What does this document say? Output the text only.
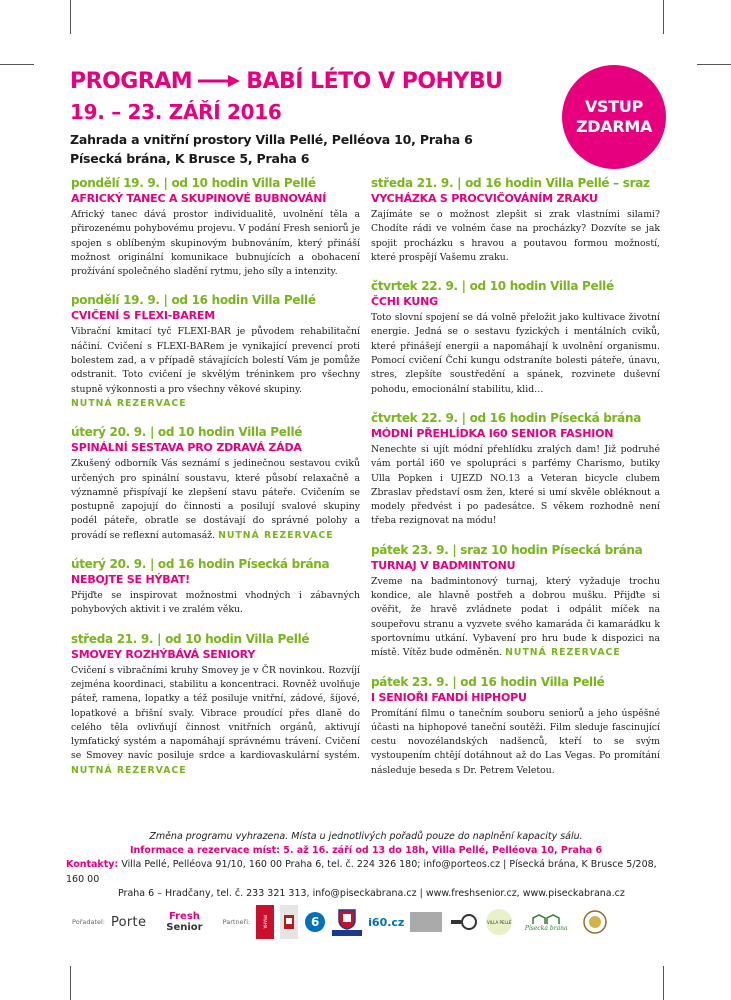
PROGRAM BABÍ LÉTO V POHYBU
19. – 23. ZÁŘÍ 2016
Zahrada a vnitřní prostory Villa Pellé, Pelléova 10, Praha 6
Písecká brána, K Brusce 5, Praha 6
VSTUP
ZDARMA
pondělí 19. 9. | od 10 hodin Villa Pellé
AFRICKÝ TANEC A SKUPINOVÉ BUBNOVÁNÍ
Africký tanec dává prostor individualitě, uvolnění těla a přirozenému pohybovému projevu. V podání Fresh seniorů je spojen s oblíbeným skupinovým bubnováním, který přináší možnost originální komunikace bubnujících a obohacení prožívání společného sladění rytmu, jeho síly a intenzity.
pondělí 19. 9. | od 16 hodin Villa Pellé
CVIČENÍ S FLEXI-BAREM
Vibrační kmitací tyč FLEXI-BAR je původem rehabilitační náčiní. Cvičení s FLEXI-BARem je vynikající prevencí proti bolestem zad, a v případě stávajících bolestí Vám je pomůže odstranit. Toto cvičení je skvělým tréninkem pro všechny stupně výkonnosti a pro všechny věkové skupiny.
NUTNÁ REZERVACE
úterý 20. 9. | od 10 hodin Villa Pellé
SPINÁLNÍ SESTAVA PRO ZDRAVÁ ZÁDA
Zkušený odborník Vás seznámí s jedinečnou sestavou cviků určených pro spinální soustavu, které působí relaxačně a významně přispívají ke zlepšení stavu páteře. Cvičením se postupně zapojují do činnosti a posilují svalové skupiny podél páteře, obratle se dostávají do správné polohy a provádí se reflexní automasáž. NUTNÁ REZERVACE
úterý 20. 9. | od 16 hodin Písecká brána
NEBOJTE SE HÝBAT!
Přijďte se inspirovat možnostmi vhodných i zábavných pohybových aktivit i ve zralém věku.
středa 21. 9. | od 10 hodin Villa Pellé
SMOVEY ROZHÝBÁVÁ SENIORY
Cvičení s vibračními kruhy Smovey je v ČR novinkou. Rozvíjí zejména koordinaci, stabilitu a koncentraci. Rovněž uvolňuje páteř, ramena, lopatky a též posiluje vnitřní, zádové, šíjové, lopatkové a břišní svaly. Vibrace proudící přes dlaně do celého těla ovlivňují činnost vnitřních orgánů, aktivují lymfatický systém a napomáhají správnému trávení. Cvičení se Smovey navíc posiluje srdce a kardiovaskulární systém. NUTNÁ REZERVACE
středa 21. 9. | od 16 hodin Villa Pellé – sraz
VYCHÁZKA S PROCVIČOVÁNÍM ZRAKU
Zajímáte se o možnost zlepšit si zrak vlastními silami? Chodíte rádi ve volném čase na procházky? Dozvíte se jak spojit procházku s hravou a poutavou formou možností, které prospějí Vašemu zraku.
čtvrtek 22. 9. | od 10 hodin Villa Pellé
ČCHI KUNG
Toto slovní spojení se dá volně přeložit jako kultivace životní energie. Jedná se o sestavu fyzických i mentálních cviků, které přinášejí energii a napomáhají k uvolnění organismu. Pomocí cvičení Čchi kungu odstraníte bolesti páteře, únavu, stres, zlepšíte soustředění a spánek, rozvinete duševní pohodu, emocionální stabilitu, klid…
čtvrtek 22. 9. | od 16 hodin Písecká brána
MÓDNÍ PŘEHLÍDKA I60 SENIOR FASHION
Nenechte si ujít módní přehlídku zralých dam! Již podruhé vám portál i60 ve spolupráci s parfémy Charismo, butiky Ulla Popken i UJEZD NO.13 a Veteran bicycle clubem Zbraslav představí osm žen, které si umí skvěle obléknout a modely předvést i po padesátce. S věkem rozhodně není třeba rezignovat na módu!
pátek 23. 9. | sraz 10 hodin Písecká brána
TURNAJ V BADMINTONU
Zveme na badmintonový turnaj, který vyžaduje trochu kondice, ale hlavně postřeh a dobrou mušku. Přijďte si ověřit, že hravě zvládnete podat i odpálit míček na soupeřovu stranu a vyzvete svého kamaráda či kamarádku k sportovnímu utkání. Vybavení pro hru bude k dispozici na místě. Vítěz bude odměněn. NUTNÁ REZERVACE
pátek 23. 9. | od 16 hodin Villa Pellé
I SENIOŘI FANDÍ HIPHOPU
Promítání filmu o tanečním souboru seniorů a jeho úspěšné účasti na hiphopové taneční soutěži. Film sleduje fascinující cestu novozélandských nadšenců, kteří to se svým vystoupením chtějí dotáhnout až do Las Vegas. Po promítání následuje beseda s Dr. Petrem Veletou.
Změna programu vyhrazena. Místa u jednotlivých pořadů pouze do naplnění kapacity sálu.
Informace a rezervace míst: 5. až 16. září od 13 do 18h, Villa Pellé, Pelléova 10, Praha 6
Kontakty: Villa Pellé, Pelléova 91/10, 160 00 Praha 6, tel. č. 224 326 180; info@porteos.cz | Písecká brána, K Brusce 5/208, 160 00
Praha 6 – Hradčany, tel. č. 233 321 313, info@piseckabrana.cz | www.freshsenior.cz, www.piseckabrana.cz
Pořadatel: Porte Fresh
Senior	Partneři:	PRAHA	6	i60.cz	VILLA PELLÉ
Písecká brána
